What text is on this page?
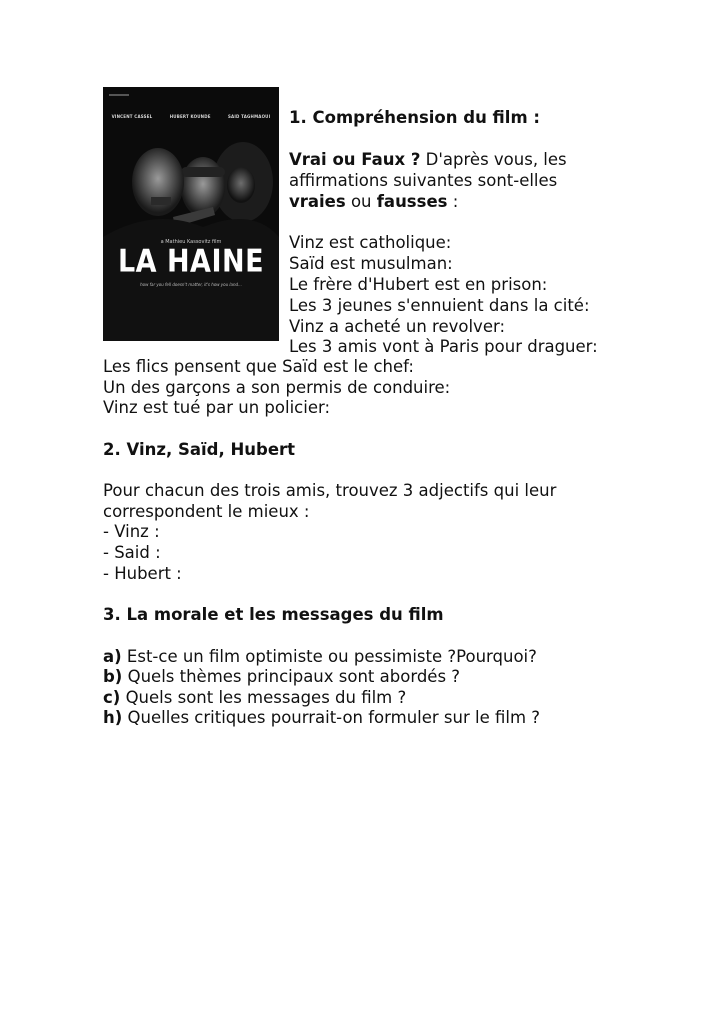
VINCENT CASSEL	HUBERT KOUNDE	SAID TAGHMAOUI
a Mathieu Kassovitz film
LA HAINE
how far you fell doesn't matter, it's how you land...
1. Compréhension du film :
Vrai ou Faux ? D'après vous, les
affirmations suivantes sont-elles
vraies ou fausses :
Vinz est catholique:
Saïd est musulman:
Le frère d'Hubert est en prison:
Les 3 jeunes s'ennuient dans la cité:
Vinz a acheté un revolver:
Les 3 amis vont à Paris pour draguer:
Les flics pensent que Saïd est le chef:
Un des garçons a son permis de conduire:
Vinz est tué par un policier:
2. Vinz, Saïd, Hubert
Pour chacun des trois amis, trouvez 3 adjectifs qui leur
correspondent le mieux :
- Vinz :
- Said :
- Hubert :
3. La morale et les messages du film
a) Est-ce un film optimiste ou pessimiste ?Pourquoi?
b) Quels thèmes principaux sont abordés ?
c) Quels sont les messages du film ?
h) Quelles critiques pourrait-on formuler sur le film ?
